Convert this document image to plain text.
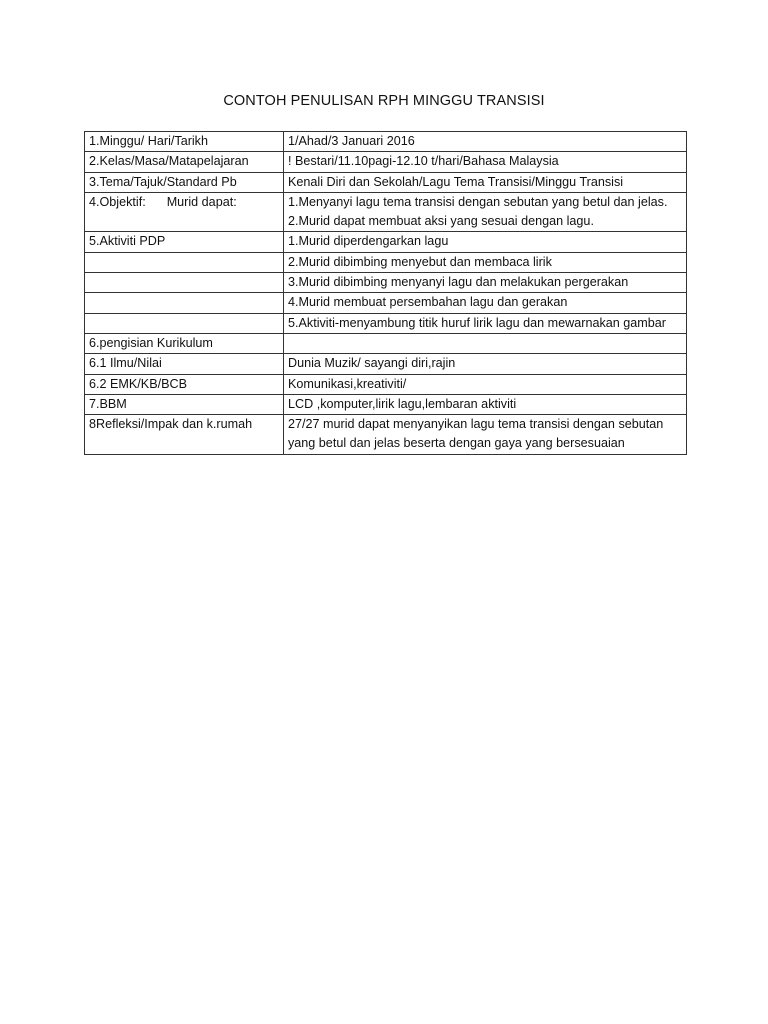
CONTOH PENULISAN RPH MINGGU TRANSISI
1.Minggu/ Hari/Tarikh	1/Ahad/3 Januari 2016

2.Kelas/Masa/Matapelajaran	! Bestari/11.10pagi-12.10 t/hari/Bahasa Malaysia

3.Tema/Tajuk/Standard Pb	Kenali Diri dan Sekolah/Lagu Tema Transisi/Minggu Transisi

4.Objektif:      Murid dapat:	1.Menyanyi lagu tema transisi dengan sebutan yang betul dan jelas.
2.Murid dapat membuat aksi yang sesuai dengan lagu.

5.Aktiviti PDP	1.Murid diperdengarkan lagu

	2.Murid dibimbing menyebut dan membaca lirik

	3.Murid dibimbing menyanyi lagu dan melakukan pergerakan

	4.Murid membuat persembahan lagu dan gerakan

	5.Aktiviti-menyambung titik huruf lirik lagu dan mewarnakan gambar

6.pengisian Kurikulum	

6.1 Ilmu/Nilai	Dunia Muzik/ sayangi diri,rajin

6.2 EMK/KB/BCB	Komunikasi,kreativiti/

7.BBM	LCD ,komputer,lirik lagu,lembaran aktiviti

8Refleksi/Impak dan k.rumah	27/27 murid dapat menyanyikan lagu tema transisi dengan sebutan yang betul dan jelas beserta dengan gaya yang bersesuaian
